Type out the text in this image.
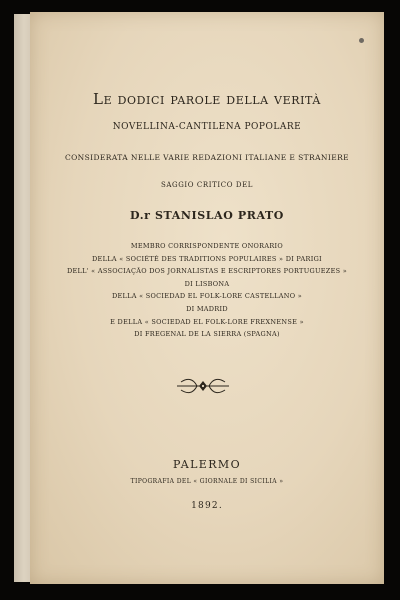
Le dodici parole della verità
NOVELLINA-CANTILENA POPOLARE
CONSIDERATA NELLE VARIE REDAZIONI ITALIANE E STRANIERE
SAGGIO CRITICO DEL
D.r STANISLAO PRATO
MEMBRO CORRISPONDENTE ONORARIO
DELLA « SOCIÉTÉ DES TRADITIONS POPULAIRES » DI PARIGI
DELL' « ASSOCIAÇÃO DOS JORNALISTAS E ESCRIPTORES PORTUGUEZES »
DI LISBONA
DELLA « SOCIEDAD EL FOLK-LORE CASTELLANO »
DI MADRID
E DELLA « SOCIEDAD EL FOLK-LORE FREXNENSE »
DI FREGENAL DE LA SIERRA (SPAGNA)
PALERMO
TIPOGRAFIA DEL « GIORNALE DI SICILIA »
1892.
